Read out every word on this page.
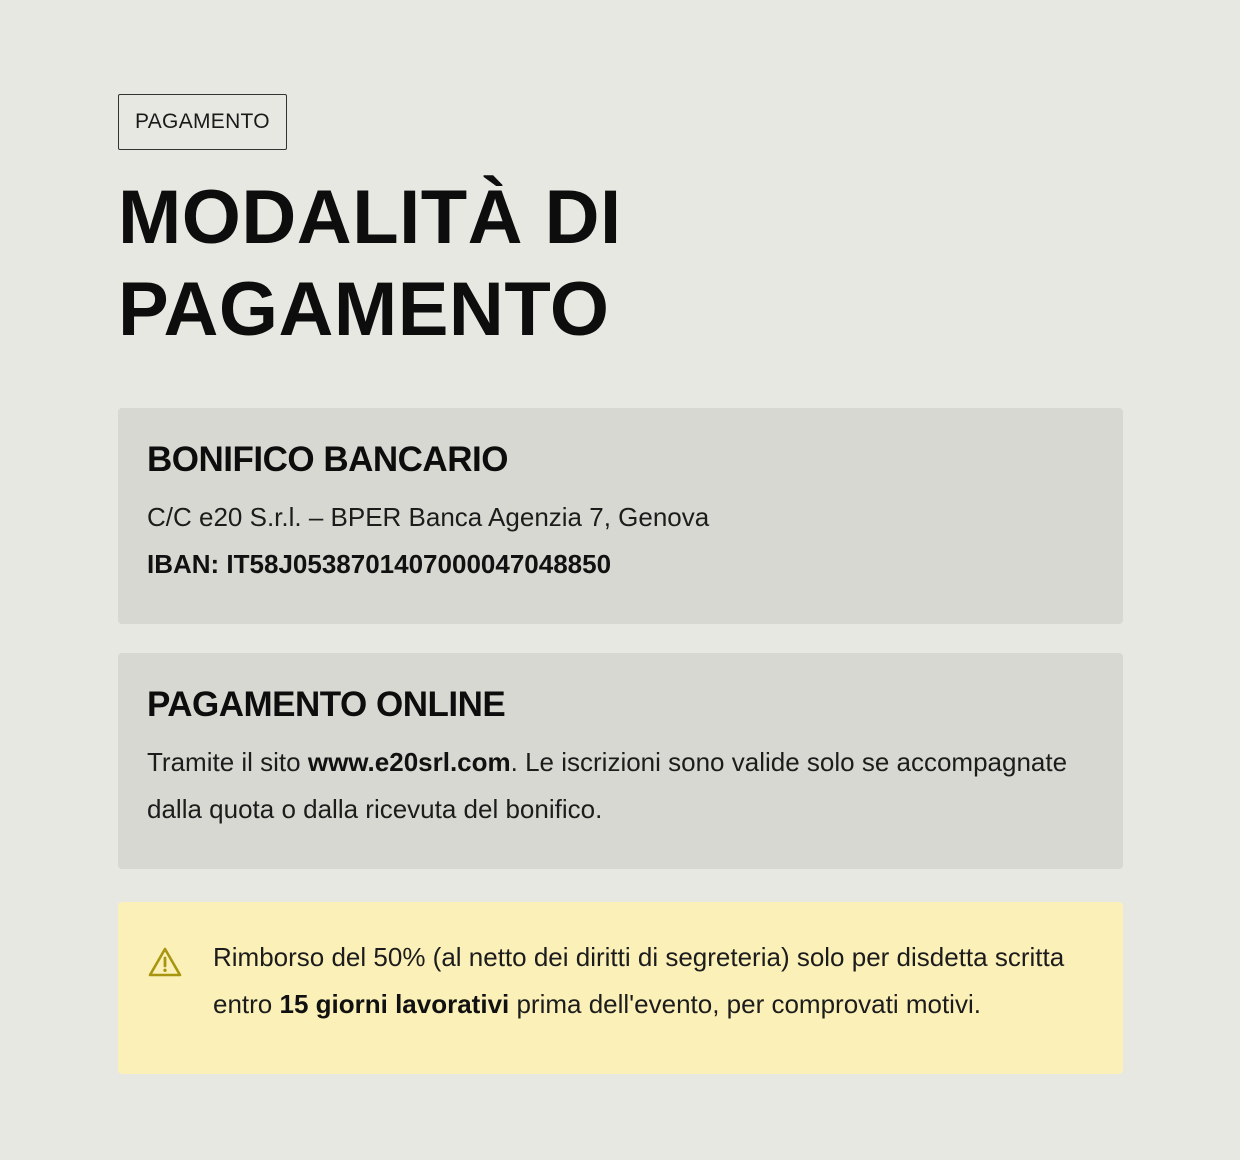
PAGAMENTO
MODALITÀ DI
PAGAMENTO
BONIFICO BANCARIO

C/C e20 S.r.l. – BPER Banca Agenzia 7, Genova
IBAN: IT58J0538701407000047048850

PAGAMENTO ONLINE

Tramite il sito www.e20srl.com. Le iscrizioni sono valide solo se accompagnate dalla quota o dalla ricevuta del bonifico.

Rimborso del 50% (al netto dei diritti di segreteria) solo per disdetta scritta entro 15 giorni lavorativi prima dell'evento, per comprovati motivi.
